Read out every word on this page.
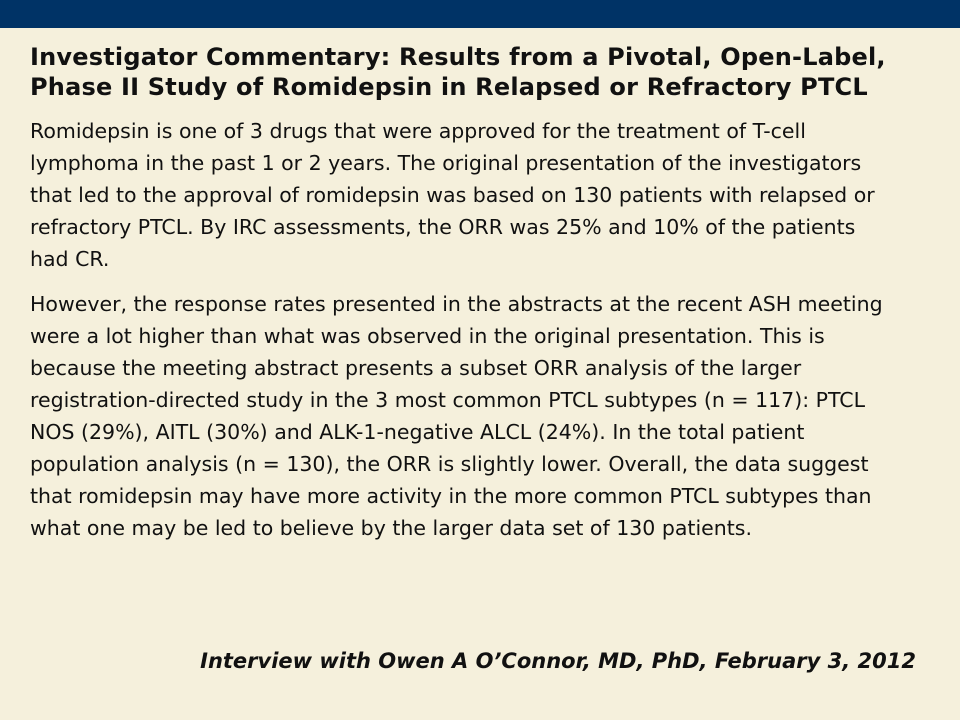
Investigator Commentary: Results from a Pivotal, Open-Label, Phase II Study of Romidepsin in Relapsed or Refractory PTCL

Romidepsin is one of 3 drugs that were approved for the treatment of T-cell lymphoma in the past 1 or 2 years. The original presentation of the investigators that led to the approval of romidepsin was based on 130 patients with relapsed or refractory PTCL. By IRC assessments, the ORR was 25% and 10% of the patients had CR.

However, the response rates presented in the abstracts at the recent ASH meeting were a lot higher than what was observed in the original presentation. This is because the meeting abstract presents a subset ORR analysis of the larger registration-directed study in the 3 most common PTCL subtypes (n = 117): PTCL NOS (29%), AITL (30%) and ALK-1-negative ALCL (24%). In the total patient population analysis (n = 130), the ORR is slightly lower. Overall, the data suggest that romidepsin may have more activity in the more common PTCL subtypes than what one may be led to believe by the larger data set of 130 patients.

Interview with Owen A O’Connor, MD, PhD, February 3, 2012
